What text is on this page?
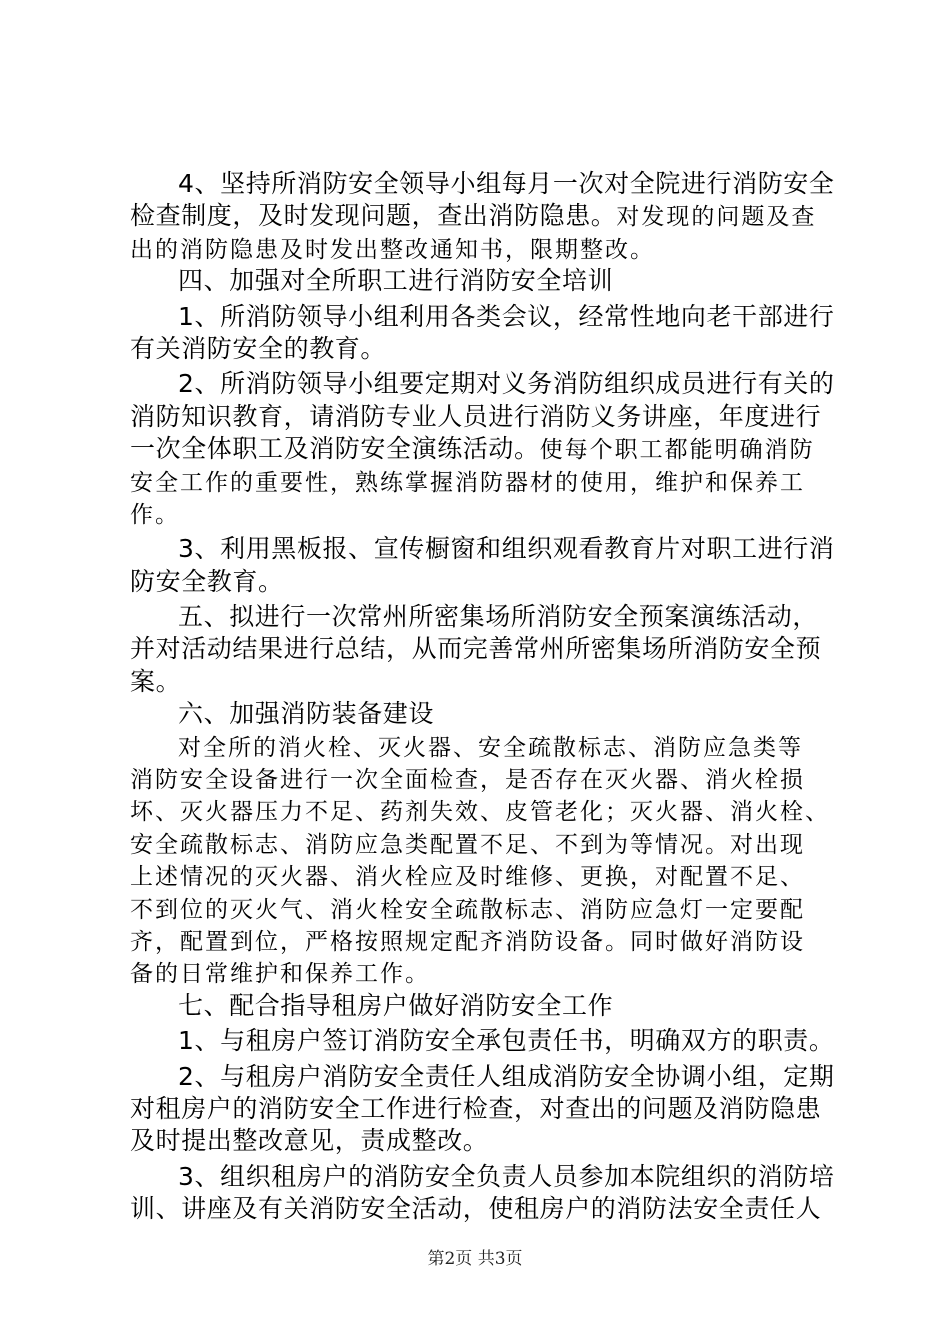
4、坚持所消防安全领导小组每月一次对全院进行消防安全
检查制度，及时发现问题，查出消防隐患。对发现的问题及查
出的消防隐患及时发出整改通知书，限期整改。
四、加强对全所职工进行消防安全培训
1、所消防领导小组利用各类会议，经常性地向老干部进行
有关消防安全的教育。
2、所消防领导小组要定期对义务消防组织成员进行有关的
消防知识教育，请消防专业人员进行消防义务讲座，年度进行
一次全体职工及消防安全演练活动。使每个职工都能明确消防
安全工作的重要性，熟练掌握消防器材的使用，维护和保养工
作。
3、利用黑板报、宣传橱窗和组织观看教育片对职工进行消
防安全教育。
五、拟进行一次常州所密集场所消防安全预案演练活动，
并对活动结果进行总结，从而完善常州所密集场所消防安全预
案。
六、加强消防装备建设
对全所的消火栓、灭火器、安全疏散标志、消防应急类等
消防安全设备进行一次全面检查，是否存在灭火器、消火栓损
坏、灭火器压力不足、药剂失效、皮管老化；灭火器、消火栓、
安全疏散标志、消防应急类配置不足、不到为等情况。对出现
上述情况的灭火器、消火栓应及时维修、更换，对配置不足、
不到位的灭火气、消火栓安全疏散标志、消防应急灯一定要配
齐，配置到位，严格按照规定配齐消防设备。同时做好消防设
备的日常维护和保养工作。
七、配合指导租房户做好消防安全工作
1、与租房户签订消防安全承包责任书，明确双方的职责。
2、与租房户消防安全责任人组成消防安全协调小组，定期
对租房户的消防安全工作进行检查，对查出的问题及消防隐患
及时提出整改意见，责成整改。
3、组织租房户的消防安全负责人员参加本院组织的消防培
训、讲座及有关消防安全活动，使租房户的消防法安全责任人
第2页 共3页
